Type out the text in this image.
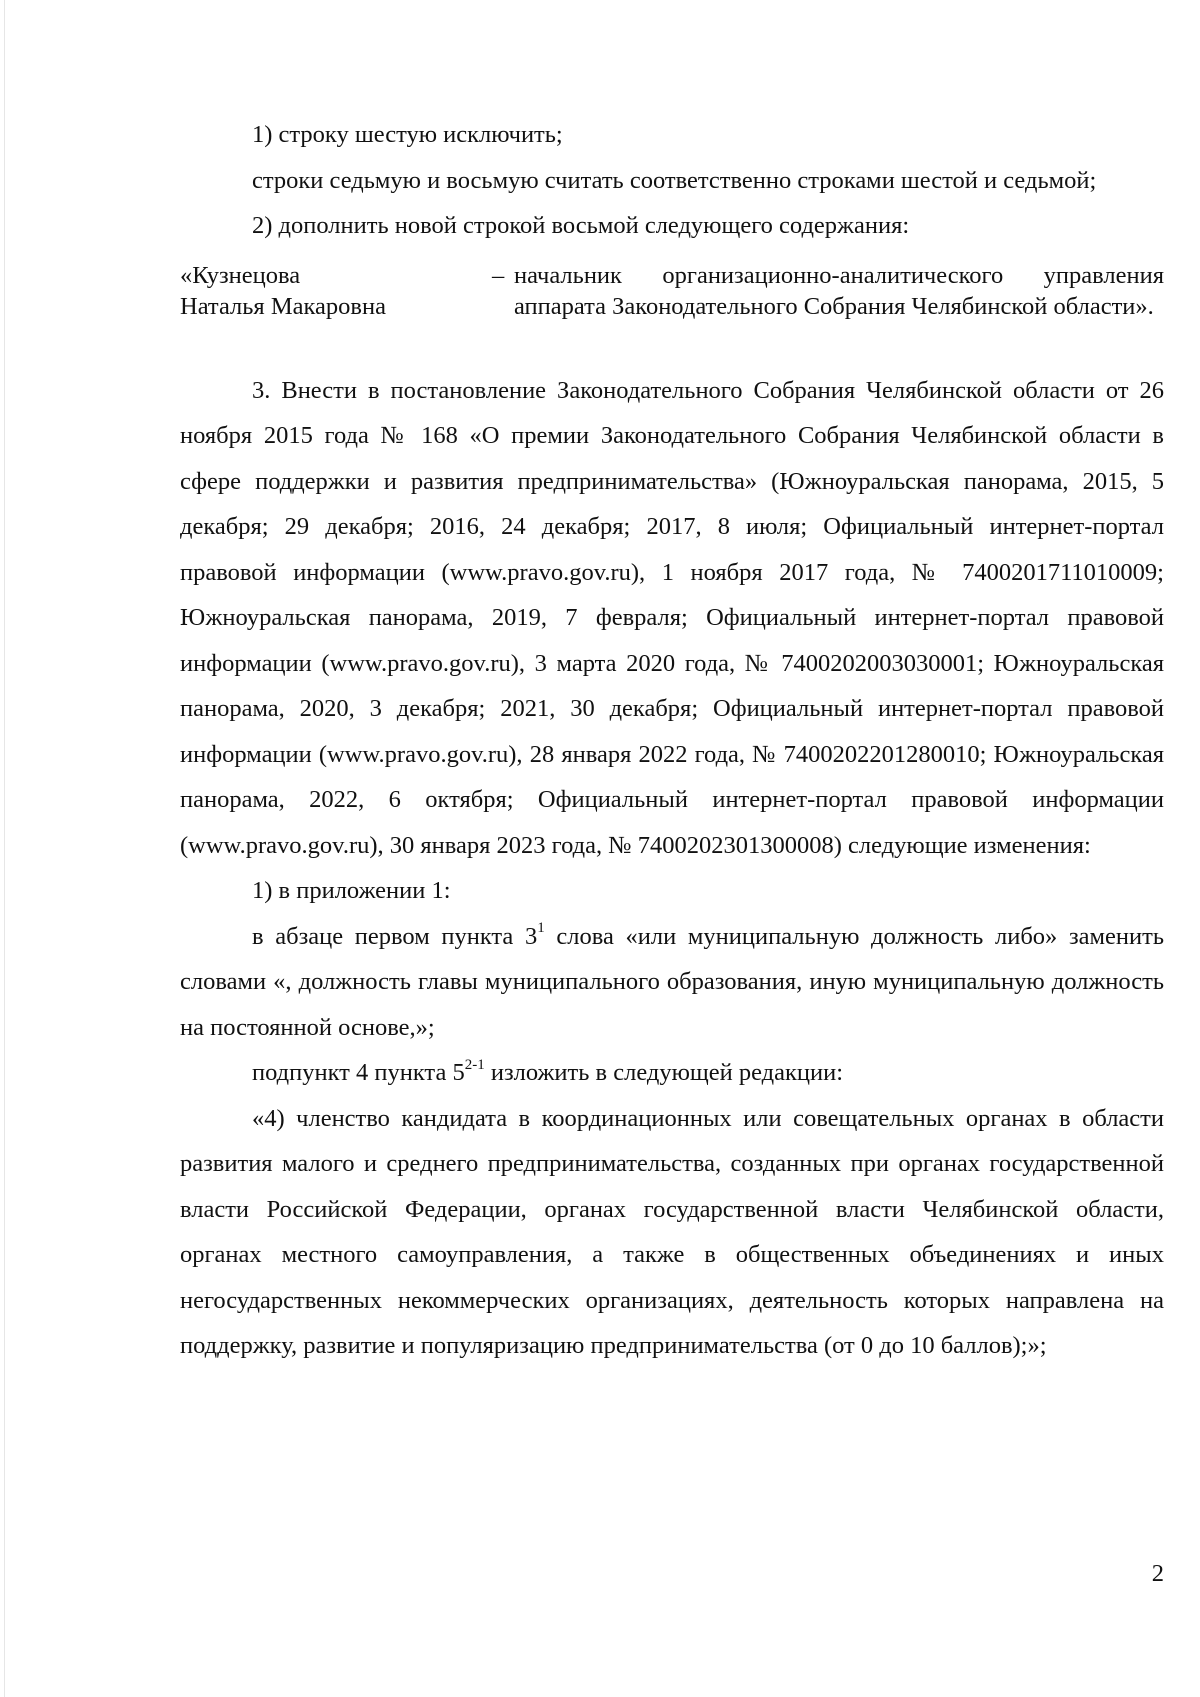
1) строку шестую исключить;

строки седьмую и восьмую считать соответственно строками шестой и седьмой;

2) дополнить новой строкой восьмой следующего содержания:

«Кузнецова
Наталья Макаровна
– начальник организационно-аналитического управления аппарата Законодательного Собрания Челябинской области».

3. Внести в постановление Законодательного Собрания Челябинской области от 26 ноября 2015 года № 168 «О премии Законодательного Собрания Челябинской области в сфере поддержки и развития предпринимательства» (Южноуральская панорама, 2015, 5 декабря; 29 декабря; 2016, 24 декабря; 2017, 8 июля; Официальный интернет-портал правовой информации (www.pravo.gov.ru), 1 ноября 2017 года, № 7400201711010009; Южноуральская панорама, 2019, 7 февраля; Официальный интернет-портал правовой информации (www.pravo.gov.ru), 3 марта 2020 года, № 7400202003030001; Южноуральская панорама, 2020, 3 декабря; 2021, 30 декабря; Официальный интернет-портал правовой информации (www.pravo.gov.ru), 28 января 2022 года, № 7400202201280010; Южноуральская панорама, 2022, 6 октября; Официальный интернет-портал правовой информации (www.pravo.gov.ru), 30 января 2023 года, № 7400202301300008) следующие изменения:

1) в приложении 1:

в абзаце первом пункта $3^1$ слова «или муниципальную должность либо» заменить словами «, должность главы муниципального образования, иную муниципальную должность на постоянной основе,»;

подпункт 4 пункта 5$^{2-1}$ изложить в следующей редакции:

«4) членство кандидата в координационных или совещательных органах в области развития малого и среднего предпринимательства, созданных при органах государственной власти Российской Федерации, органах государственной власти Челябинской области, органах местного самоуправления, а также в общественных объединениях и иных негосударственных некоммерческих организациях, деятельность которых направлена на поддержку, развитие и популяризацию предпринимательства (от 0 до 10 баллов);»;

2
